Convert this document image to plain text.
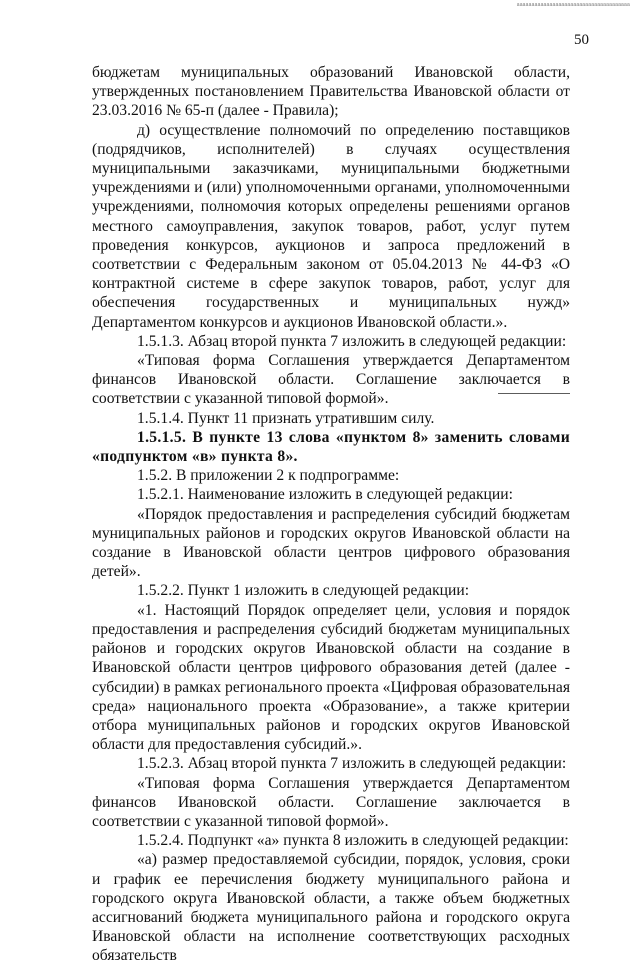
аааааааааааааааааааааааааааааааааааааа
50

бюджетам муниципальных образований Ивановской области, утвержденных постановлением Правительства Ивановской области от 23.03.2016 № 65-п (далее - Правила);

д) осуществление полномочий по определению поставщиков (подрядчиков, исполнителей) в случаях осуществления муниципальными заказчиками, муниципальными бюджетными учреждениями и (или) уполномоченными органами, уполномоченными учреждениями, полномочия которых определены решениями органов местного самоуправления, закупок товаров, работ, услуг путем проведения конкурсов, аукционов и запроса предложений в соответствии с Федеральным законом от 05.04.2013 № 44-ФЗ «О контрактной системе в сфере закупок товаров, работ, услуг для обеспечения государственных и муниципальных нужд» Департаментом конкурсов и аукционов Ивановской области.».

1.5.1.3. Абзац второй пункта 7 изложить в следующей редакции:

«Типовая форма Соглашения утверждается Департаментом финансов Ивановской области. Соглашение заключается в соответствии с указанной типовой формой».

1.5.1.4. Пункт 11 признать утратившим силу.

1.5.1.5. В пункте 13 слова «пунктом 8» заменить словами «подпунктом «в» пункта 8».

1.5.2. В приложении 2 к подпрограмме:

1.5.2.1. Наименование изложить в следующей редакции:

«Порядок предоставления и распределения субсидий бюджетам муниципальных районов и городских округов Ивановской области на создание в Ивановской области центров цифрового образования детей».

1.5.2.2. Пункт 1 изложить в следующей редакции:

«1. Настоящий Порядок определяет цели, условия и порядок предоставления и распределения субсидий бюджетам муниципальных районов и городских округов Ивановской области на создание в Ивановской области центров цифрового образования детей (далее - субсидии) в рамках регионального проекта «Цифровая образовательная среда» национального проекта «Образование», а также критерии отбора муниципальных районов и городских округов Ивановской области для предоставления субсидий.».

1.5.2.3. Абзац второй пункта 7 изложить в следующей редакции:

«Типовая форма Соглашения утверждается Департаментом финансов Ивановской области. Соглашение заключается в соответствии с указанной типовой формой».

1.5.2.4. Подпункт «а» пункта 8 изложить в следующей редакции:

«а) размер предоставляемой субсидии, порядок, условия, сроки и график ее перечисления бюджету муниципального района и городского округа Ивановской области, а также объем бюджетных ассигнований бюджета муниципального района и городского округа Ивановской области на исполнение соответствующих расходных обязательств
